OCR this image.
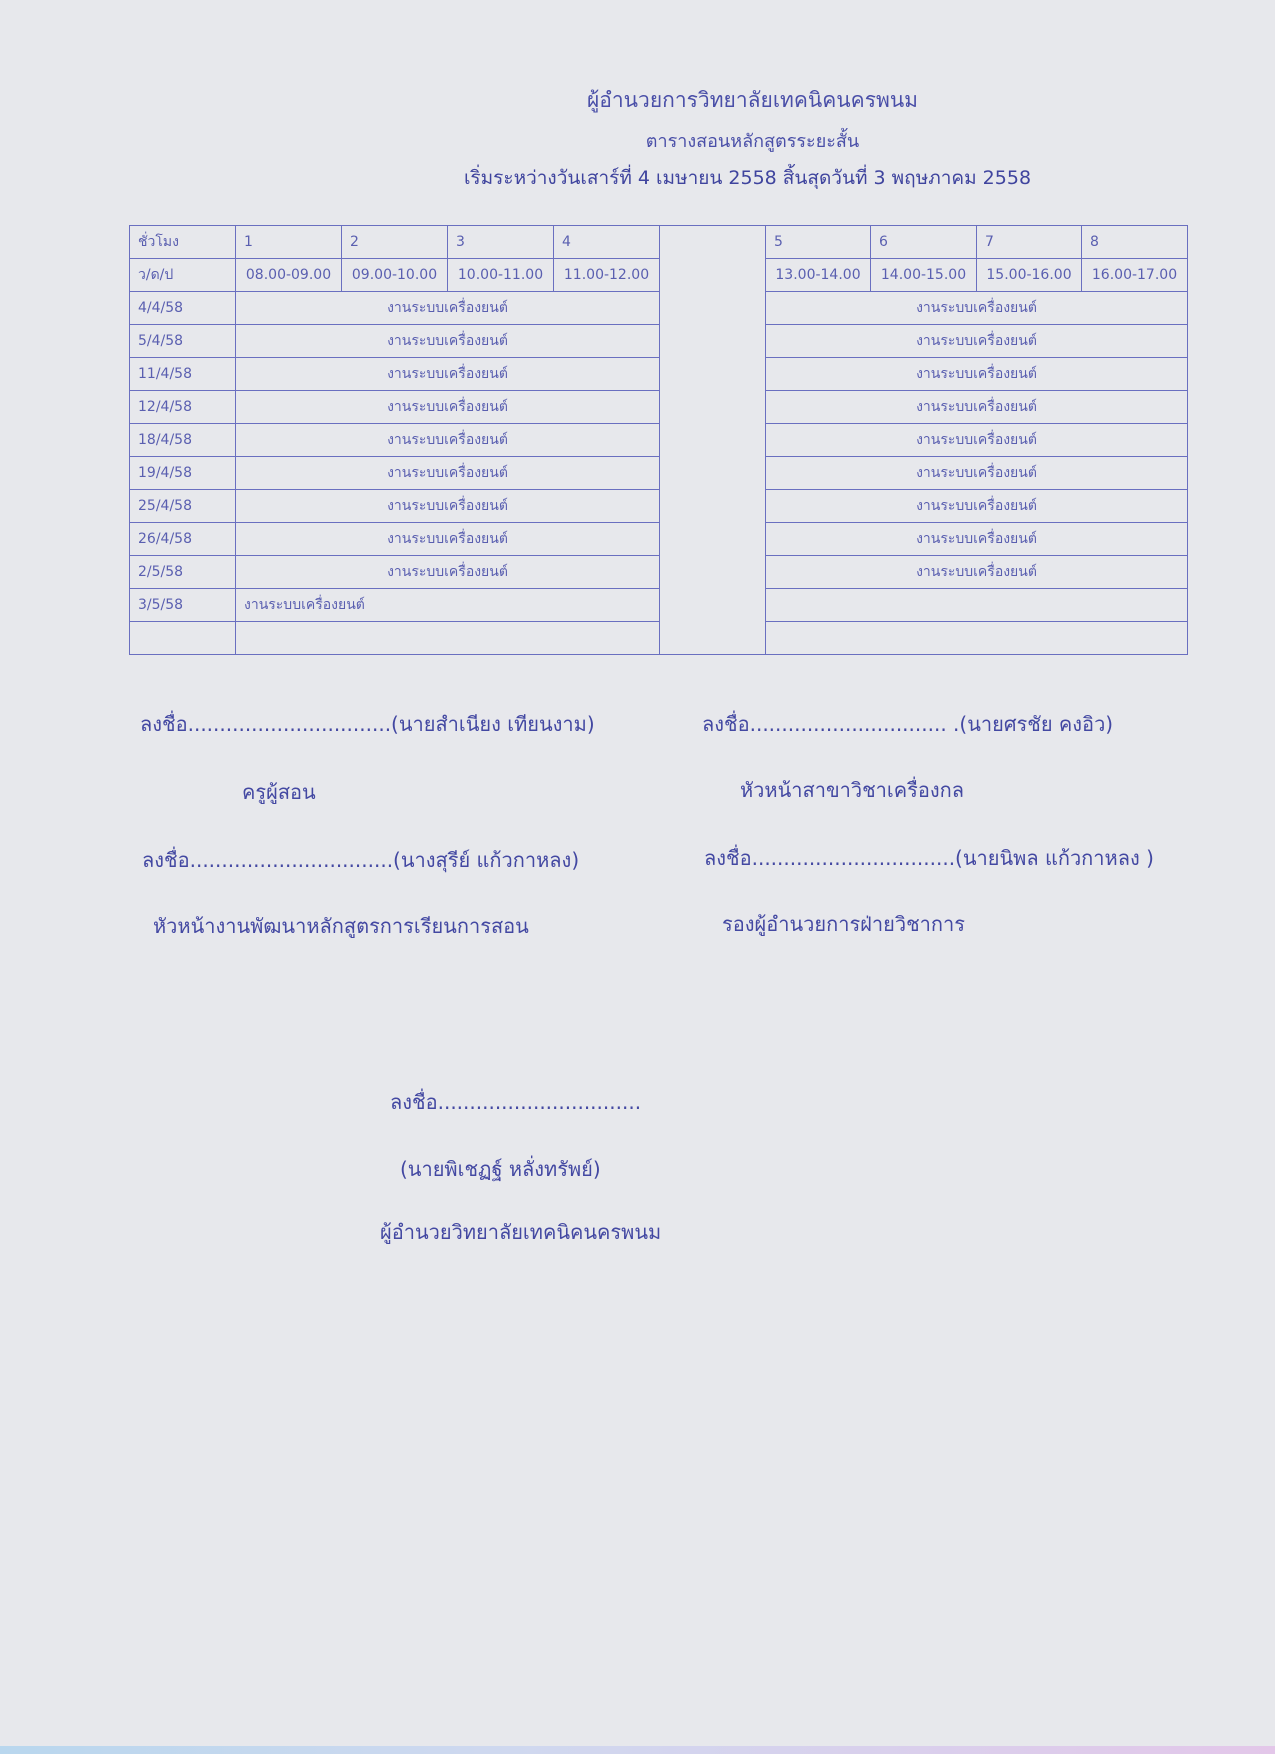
ผู้อำนวยการวิทยาลัยเทคนิคนครพนม
ตารางสอนหลักสูตรระยะสั้น
เริ่มระหว่างวันเสาร์ที่ 4 เมษายน 2558 สิ้นสุดวันที่ 3 พฤษภาคม 2558
ชั่วโมง	1	2	3	4		5	6	7	8
ว/ด/ป	08.00-09.00	09.00-10.00	10.00-11.00	11.00-12.00		13.00-14.00	14.00-15.00	15.00-16.00	16.00-17.00
4/4/58	งานระบบเครื่องยนต์					งานระบบเครื่องยนต์			
5/4/58	งานระบบเครื่องยนต์					งานระบบเครื่องยนต์			
11/4/58	งานระบบเครื่องยนต์					งานระบบเครื่องยนต์			
12/4/58	งานระบบเครื่องยนต์					งานระบบเครื่องยนต์			
18/4/58	งานระบบเครื่องยนต์					งานระบบเครื่องยนต์			
19/4/58	งานระบบเครื่องยนต์					งานระบบเครื่องยนต์			
25/4/58	งานระบบเครื่องยนต์					งานระบบเครื่องยนต์			
26/4/58	งานระบบเครื่องยนต์					งานระบบเครื่องยนต์			
2/5/58	งานระบบเครื่องยนต์					งานระบบเครื่องยนต์			
3/5/58	งานระบบเครื่องยนต์								

ลงชื่อ................................(นายสำเนียง เทียนงาม)
ครูผู้สอน
ลงชื่อ............................... .(นายศรชัย คงอิว)
หัวหน้าสาขาวิชาเครื่องกล
ลงชื่อ................................(นางสุรีย์ แก้วกาหลง)
หัวหน้างานพัฒนาหลักสูตรการเรียนการสอน
ลงชื่อ................................(นายนิพล แก้วกาหลง )
รองผู้อำนวยการฝ่ายวิชาการ
ลงชื่อ................................
(นายพิเชฏฐ์ หลั่งทรัพย์)
ผู้อำนวยวิทยาลัยเทคนิคนครพนม
